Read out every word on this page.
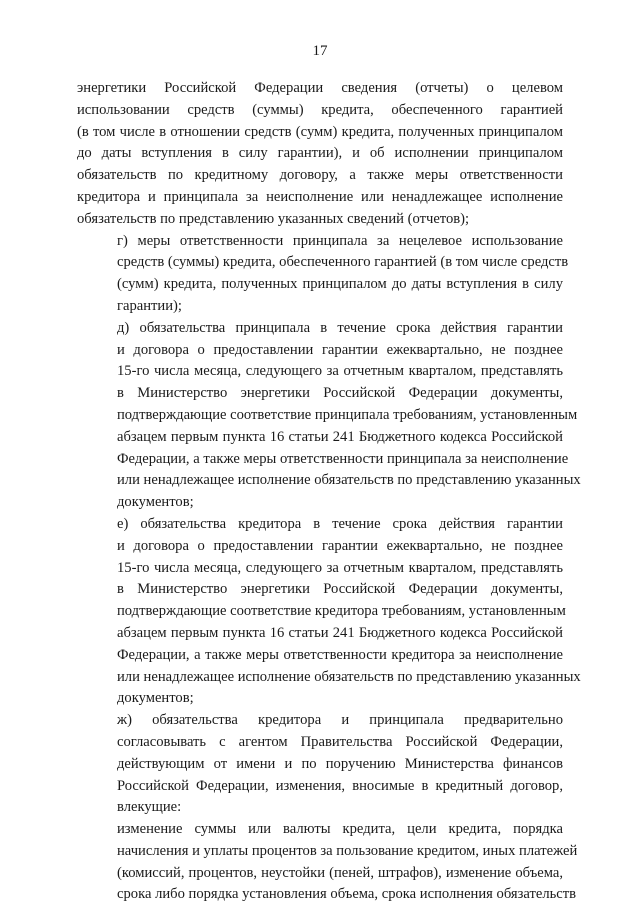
17
энергетики Российской Федерации сведения (отчеты) о целевом
использовании средств (суммы) кредита, обеспеченного гарантией
(в том числе в отношении средств (сумм) кредита, полученных принципалом
до даты вступления в силу гарантии), и об исполнении принципалом
обязательств по кредитному договору, а также меры ответственности
кредитора и принципала за неисполнение или ненадлежащее исполнение
обязательств по представлению указанных сведений (отчетов);
г) меры ответственности принципала за нецелевое использование
средств (суммы) кредита, обеспеченного гарантией (в том числе средств
(сумм) кредита, полученных принципалом до даты вступления в силу
гарантии);
д) обязательства принципала в течение срока действия гарантии
и договора о предоставлении гарантии ежеквартально, не позднее
15-го числа месяца, следующего за отчетным кварталом, представлять
в Министерство энергетики Российской Федерации документы,
подтверждающие соответствие принципала требованиям, установленным
абзацем первым пункта 16 статьи 241 Бюджетного кодекса Российской
Федерации, а также меры ответственности принципала за неисполнение
или ненадлежащее исполнение обязательств по представлению указанных
документов;
е) обязательства кредитора в течение срока действия гарантии
и договора о предоставлении гарантии ежеквартально, не позднее
15-го числа месяца, следующего за отчетным кварталом, представлять
в Министерство энергетики Российской Федерации документы,
подтверждающие соответствие кредитора требованиям, установленным
абзацем первым пункта 16 статьи 241 Бюджетного кодекса Российской
Федерации, а также меры ответственности кредитора за неисполнение
или ненадлежащее исполнение обязательств по представлению указанных
документов;
ж) обязательства кредитора и принципала предварительно
согласовывать с агентом Правительства Российской Федерации,
действующим от имени и по поручению Министерства финансов
Российской Федерации, изменения, вносимые в кредитный договор,
влекущие:
изменение суммы или валюты кредита, цели кредита, порядка
начисления и уплаты процентов за пользование кредитом, иных платежей
(комиссий, процентов, неустойки (пеней, штрафов), изменение объема,
срока либо порядка установления объема, срока исполнения обязательств
